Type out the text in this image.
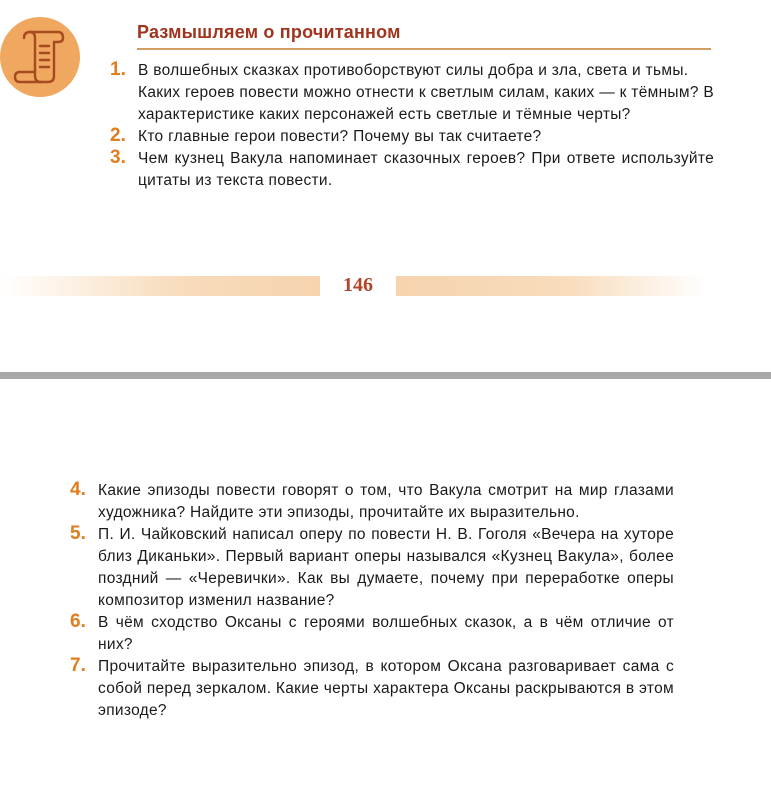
Размышляем о прочитанном
1. В волшебных сказках противоборствуют силы добра и зла, света и тьмы.

Каких героев повести можно отнести к светлым силам, каких — к тёмным? В характеристике каких персонажей есть светлые и тёмные черты?

2. Кто главные герои повести? Почему вы так считаете?

3. Чем кузнец Вакула напоминает сказочных героев? При ответе используйте цитаты из текста повести.

146
4. Какие эпизоды повести говорят о том, что Вакула смотрит на мир глазами художника? Найдите эти эпизоды, прочитайте их выразительно.

5. П. И. Чайковский написал оперу по повести Н. В. Гоголя «Вечера на хуторе близ Диканьки». Первый вариант оперы назывался «Кузнец Вакула», более поздний — «Черевички». Как вы думаете, почему при переработке оперы композитор изменил название?

6. В чём сходство Оксаны с героями волшебных сказок, а в чём отличие от них?

7. Прочитайте выразительно эпизод, в котором Оксана разговаривает сама с собой перед зеркалом. Какие черты характера Оксаны раскрываются в этом эпизоде?
